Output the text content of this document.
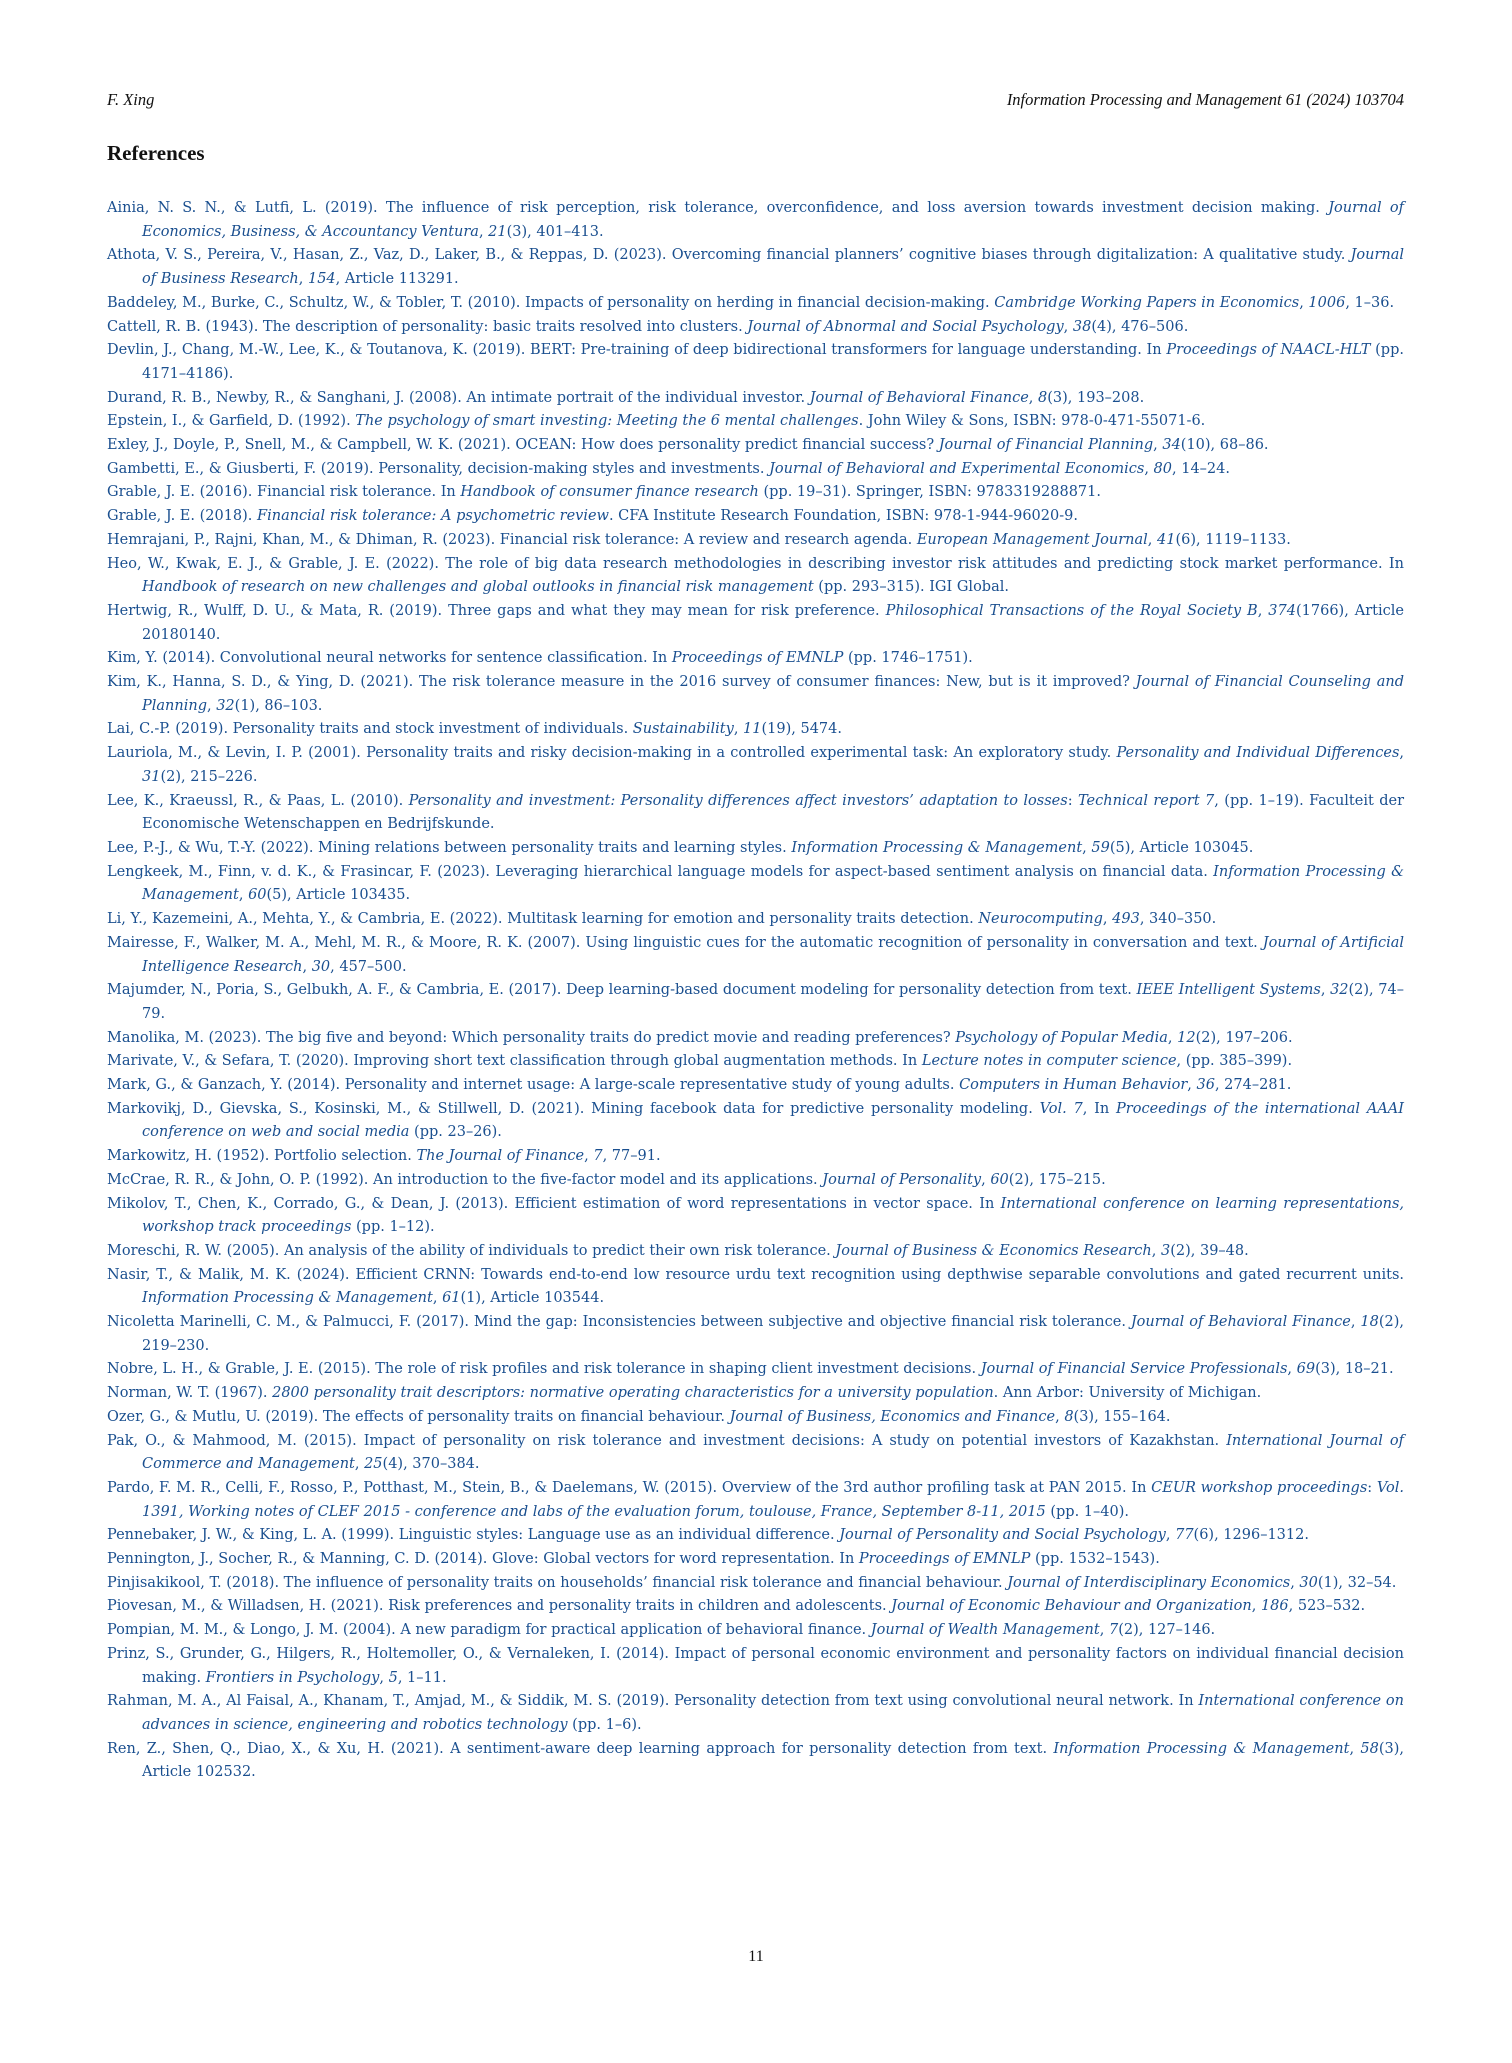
F. Xing	Information Processing and Management 61 (2024) 103704
References
Ainia, N. S. N., & Lutfi, L. (2019). The influence of risk perception, risk tolerance, overconfidence, and loss aversion towards investment decision making. Journal of Economics, Business, & Accountancy Ventura, 21(3), 401–413.
Athota, V. S., Pereira, V., Hasan, Z., Vaz, D., Laker, B., & Reppas, D. (2023). Overcoming financial planners’ cognitive biases through digitalization: A qualitative study. Journal of Business Research, 154, Article 113291.
Baddeley, M., Burke, C., Schultz, W., & Tobler, T. (2010). Impacts of personality on herding in financial decision-making. Cambridge Working Papers in Economics, 1006, 1–36.
Cattell, R. B. (1943). The description of personality: basic traits resolved into clusters. Journal of Abnormal and Social Psychology, 38(4), 476–506.
Devlin, J., Chang, M.-W., Lee, K., & Toutanova, K. (2019). BERT: Pre-training of deep bidirectional transformers for language understanding. In Proceedings of NAACL-HLT (pp. 4171–4186).
Durand, R. B., Newby, R., & Sanghani, J. (2008). An intimate portrait of the individual investor. Journal of Behavioral Finance, 8(3), 193–208.
Epstein, I., & Garfield, D. (1992). The psychology of smart investing: Meeting the 6 mental challenges. John Wiley & Sons, ISBN: 978-0-471-55071-6.
Exley, J., Doyle, P., Snell, M., & Campbell, W. K. (2021). OCEAN: How does personality predict financial success? Journal of Financial Planning, 34(10), 68–86.
Gambetti, E., & Giusberti, F. (2019). Personality, decision-making styles and investments. Journal of Behavioral and Experimental Economics, 80, 14–24.
Grable, J. E. (2016). Financial risk tolerance. In Handbook of consumer finance research (pp. 19–31). Springer, ISBN: 9783319288871.
Grable, J. E. (2018). Financial risk tolerance: A psychometric review. CFA Institute Research Foundation, ISBN: 978-1-944-96020-9.
Hemrajani, P., Rajni, Khan, M., & Dhiman, R. (2023). Financial risk tolerance: A review and research agenda. European Management Journal, 41(6), 1119–1133.
Heo, W., Kwak, E. J., & Grable, J. E. (2022). The role of big data research methodologies in describing investor risk attitudes and predicting stock market performance. In Handbook of research on new challenges and global outlooks in financial risk management (pp. 293–315). IGI Global.
Hertwig, R., Wulff, D. U., & Mata, R. (2019). Three gaps and what they may mean for risk preference. Philosophical Transactions of the Royal Society B, 374(1766), Article 20180140.
Kim, Y. (2014). Convolutional neural networks for sentence classification. In Proceedings of EMNLP (pp. 1746–1751).
Kim, K., Hanna, S. D., & Ying, D. (2021). The risk tolerance measure in the 2016 survey of consumer finances: New, but is it improved? Journal of Financial Counseling and Planning, 32(1), 86–103.
Lai, C.-P. (2019). Personality traits and stock investment of individuals. Sustainability, 11(19), 5474.
Lauriola, M., & Levin, I. P. (2001). Personality traits and risky decision-making in a controlled experimental task: An exploratory study. Personality and Individual Differences, 31(2), 215–226.
Lee, K., Kraeussl, R., & Paas, L. (2010). Personality and investment: Personality differences affect investors’ adaptation to losses: Technical report 7, (pp. 1–19). Faculteit der Economische Wetenschappen en Bedrijfskunde.
Lee, P.-J., & Wu, T.-Y. (2022). Mining relations between personality traits and learning styles. Information Processing & Management, 59(5), Article 103045.
Lengkeek, M., Finn, v. d. K., & Frasincar, F. (2023). Leveraging hierarchical language models for aspect-based sentiment analysis on financial data. Information Processing & Management, 60(5), Article 103435.
Li, Y., Kazemeini, A., Mehta, Y., & Cambria, E. (2022). Multitask learning for emotion and personality traits detection. Neurocomputing, 493, 340–350.
Mairesse, F., Walker, M. A., Mehl, M. R., & Moore, R. K. (2007). Using linguistic cues for the automatic recognition of personality in conversation and text. Journal of Artificial Intelligence Research, 30, 457–500.
Majumder, N., Poria, S., Gelbukh, A. F., & Cambria, E. (2017). Deep learning-based document modeling for personality detection from text. IEEE Intelligent Systems, 32(2), 74–79.
Manolika, M. (2023). The big five and beyond: Which personality traits do predict movie and reading preferences? Psychology of Popular Media, 12(2), 197–206.
Marivate, V., & Sefara, T. (2020). Improving short text classification through global augmentation methods. In Lecture notes in computer science, (pp. 385–399).
Mark, G., & Ganzach, Y. (2014). Personality and internet usage: A large-scale representative study of young adults. Computers in Human Behavior, 36, 274–281.
Markovikj, D., Gievska, S., Kosinski, M., & Stillwell, D. (2021). Mining facebook data for predictive personality modeling. Vol. 7, In Proceedings of the international AAAI conference on web and social media (pp. 23–26).
Markowitz, H. (1952). Portfolio selection. The Journal of Finance, 7, 77–91.
McCrae, R. R., & John, O. P. (1992). An introduction to the five-factor model and its applications. Journal of Personality, 60(2), 175–215.
Mikolov, T., Chen, K., Corrado, G., & Dean, J. (2013). Efficient estimation of word representations in vector space. In International conference on learning representations, workshop track proceedings (pp. 1–12).
Moreschi, R. W. (2005). An analysis of the ability of individuals to predict their own risk tolerance. Journal of Business & Economics Research, 3(2), 39–48.
Nasir, T., & Malik, M. K. (2024). Efficient CRNN: Towards end-to-end low resource urdu text recognition using depthwise separable convolutions and gated recurrent units. Information Processing & Management, 61(1), Article 103544.
Nicoletta Marinelli, C. M., & Palmucci, F. (2017). Mind the gap: Inconsistencies between subjective and objective financial risk tolerance. Journal of Behavioral Finance, 18(2), 219–230.
Nobre, L. H., & Grable, J. E. (2015). The role of risk profiles and risk tolerance in shaping client investment decisions. Journal of Financial Service Professionals, 69(3), 18–21.
Norman, W. T. (1967). 2800 personality trait descriptors: normative operating characteristics for a university population. Ann Arbor: University of Michigan.
Ozer, G., & Mutlu, U. (2019). The effects of personality traits on financial behaviour. Journal of Business, Economics and Finance, 8(3), 155–164.
Pak, O., & Mahmood, M. (2015). Impact of personality on risk tolerance and investment decisions: A study on potential investors of Kazakhstan. International Journal of Commerce and Management, 25(4), 370–384.
Pardo, F. M. R., Celli, F., Rosso, P., Potthast, M., Stein, B., & Daelemans, W. (2015). Overview of the 3rd author profiling task at PAN 2015. In CEUR workshop proceedings: Vol. 1391, Working notes of CLEF 2015 - conference and labs of the evaluation forum, toulouse, France, September 8-11, 2015 (pp. 1–40).
Pennebaker, J. W., & King, L. A. (1999). Linguistic styles: Language use as an individual difference. Journal of Personality and Social Psychology, 77(6), 1296–1312.
Pennington, J., Socher, R., & Manning, C. D. (2014). Glove: Global vectors for word representation. In Proceedings of EMNLP (pp. 1532–1543).
Pinjisakikool, T. (2018). The influence of personality traits on households’ financial risk tolerance and financial behaviour. Journal of Interdisciplinary Economics, 30(1), 32–54.
Piovesan, M., & Willadsen, H. (2021). Risk preferences and personality traits in children and adolescents. Journal of Economic Behaviour and Organization, 186, 523–532.
Pompian, M. M., & Longo, J. M. (2004). A new paradigm for practical application of behavioral finance. Journal of Wealth Management, 7(2), 127–146.
Prinz, S., Grunder, G., Hilgers, R., Holtemoller, O., & Vernaleken, I. (2014). Impact of personal economic environment and personality factors on individual financial decision making. Frontiers in Psychology, 5, 1–11.
Rahman, M. A., Al Faisal, A., Khanam, T., Amjad, M., & Siddik, M. S. (2019). Personality detection from text using convolutional neural network. In International conference on advances in science, engineering and robotics technology (pp. 1–6).
Ren, Z., Shen, Q., Diao, X., & Xu, H. (2021). A sentiment-aware deep learning approach for personality detection from text. Information Processing & Management, 58(3), Article 102532.
11
